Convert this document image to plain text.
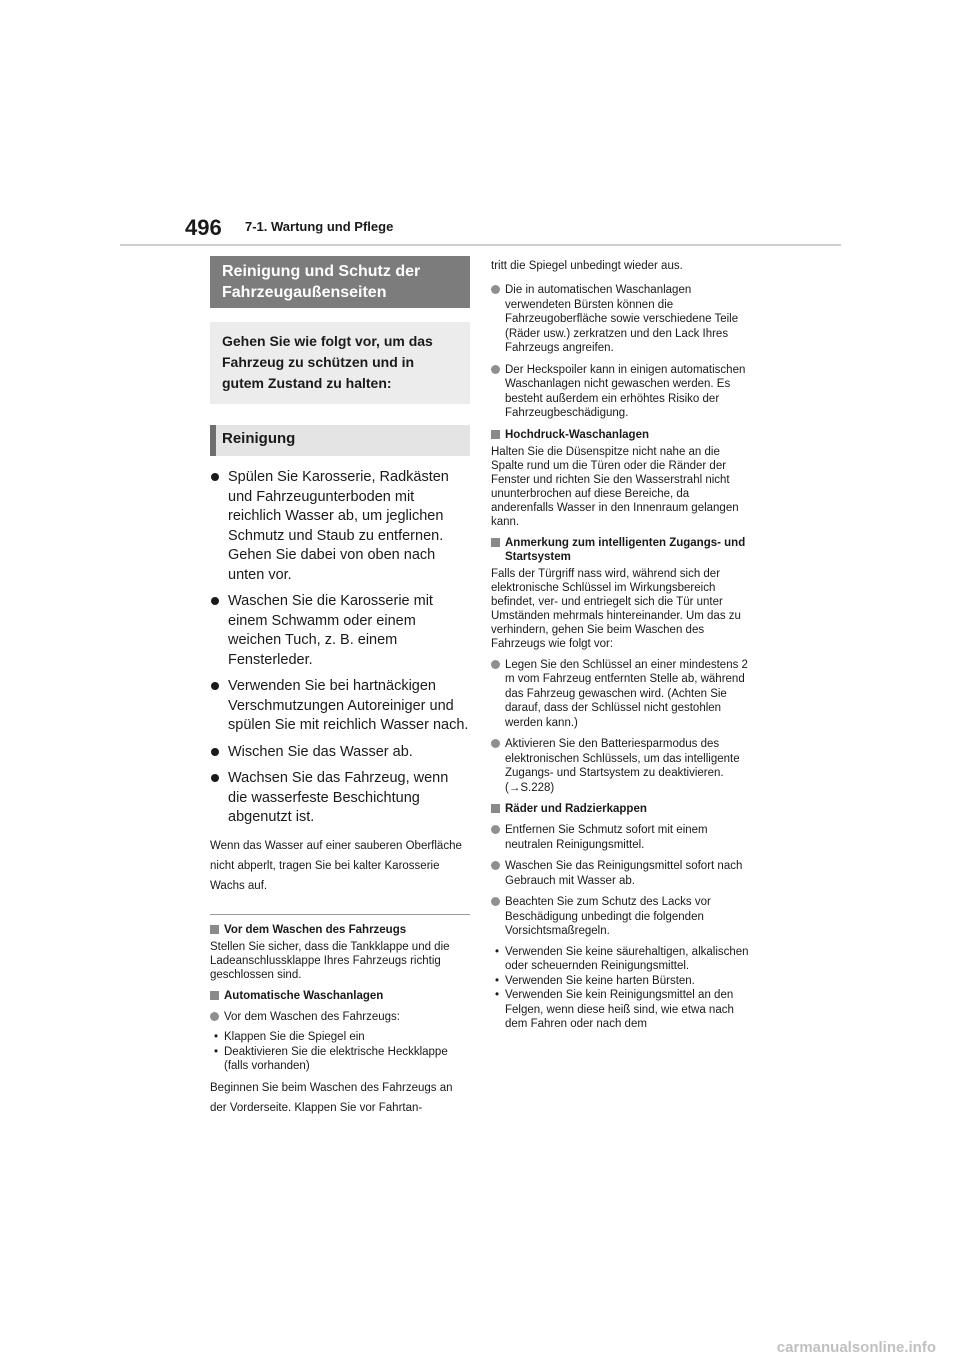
496 7-1. Wartung und Pflege
Reinigung und Schutz der Fahrzeugaußenseiten
Gehen Sie wie folgt vor, um das Fahrzeug zu schützen und in gutem Zustand zu halten:
Reinigung
Spülen Sie Karosserie, Radkästen und Fahrzeugunterboden mit reichlich Wasser ab, um jeglichen Schmutz und Staub zu entfernen. Gehen Sie dabei von oben nach unten vor.
Waschen Sie die Karosserie mit einem Schwamm oder einem weichen Tuch, z. B. einem Fensterleder.
Verwenden Sie bei hartnäckigen Verschmutzungen Autoreiniger und spülen Sie mit reichlich Wasser nach.
Wischen Sie das Wasser ab.
Wachsen Sie das Fahrzeug, wenn die wasserfeste Beschichtung abgenutzt ist.
Wenn das Wasser auf einer sauberen Oberfläche nicht abperlt, tragen Sie bei kalter Karosserie Wachs auf.
Vor dem Waschen des Fahrzeugs
Stellen Sie sicher, dass die Tankklappe und die Ladeanschlussklappe Ihres Fahrzeugs richtig geschlossen sind.
Automatische Waschanlagen
Vor dem Waschen des Fahrzeugs:
• Klappen Sie die Spiegel ein
• Deaktivieren Sie die elektrische Heckklappe (falls vorhanden)
Beginnen Sie beim Waschen des Fahrzeugs an der Vorderseite. Klappen Sie vor Fahrtan-
tritt die Spiegel unbedingt wieder aus.
Die in automatischen Waschanlagen verwendeten Bürsten können die Fahrzeugoberfläche sowie verschiedene Teile (Räder usw.) zerkratzen und den Lack Ihres Fahrzeugs angreifen.
Der Heckspoiler kann in einigen automatischen Waschanlagen nicht gewaschen werden. Es besteht außerdem ein erhöhtes Risiko der Fahrzeugbeschädigung.
Hochdruck-Waschanlagen
Halten Sie die Düsenspitze nicht nahe an die Spalte rund um die Türen oder die Ränder der Fenster und richten Sie den Wasserstrahl nicht ununterbrochen auf diese Bereiche, da anderenfalls Wasser in den Innenraum gelangen kann.
Anmerkung zum intelligenten Zugangs- und Startsystem
Falls der Türgriff nass wird, während sich der elektronische Schlüssel im Wirkungsbereich befindet, ver- und entriegelt sich die Tür unter Umständen mehrmals hintereinander. Um das zu verhindern, gehen Sie beim Waschen des Fahrzeugs wie folgt vor:
Legen Sie den Schlüssel an einer mindestens 2 m vom Fahrzeug entfernten Stelle ab, während das Fahrzeug gewaschen wird. (Achten Sie darauf, dass der Schlüssel nicht gestohlen werden kann.)
Aktivieren Sie den Batteriesparmodus des elektronischen Schlüssels, um das intelligente Zugangs- und Startsystem zu deaktivieren. (→S.228)
Räder und Radzierkappen
Entfernen Sie Schmutz sofort mit einem neutralen Reinigungsmittel.
Waschen Sie das Reinigungsmittel sofort nach Gebrauch mit Wasser ab.
Beachten Sie zum Schutz des Lacks vor Beschädigung unbedingt die folgenden Vorsichtsmaßregeln.
• Verwenden Sie keine säurehaltigen, alkalischen oder scheuernden Reinigungsmittel.
• Verwenden Sie keine harten Bürsten.
• Verwenden Sie kein Reinigungsmittel an den Felgen, wenn diese heiß sind, wie etwa nach dem Fahren oder nach dem
carmanualsonline.info
